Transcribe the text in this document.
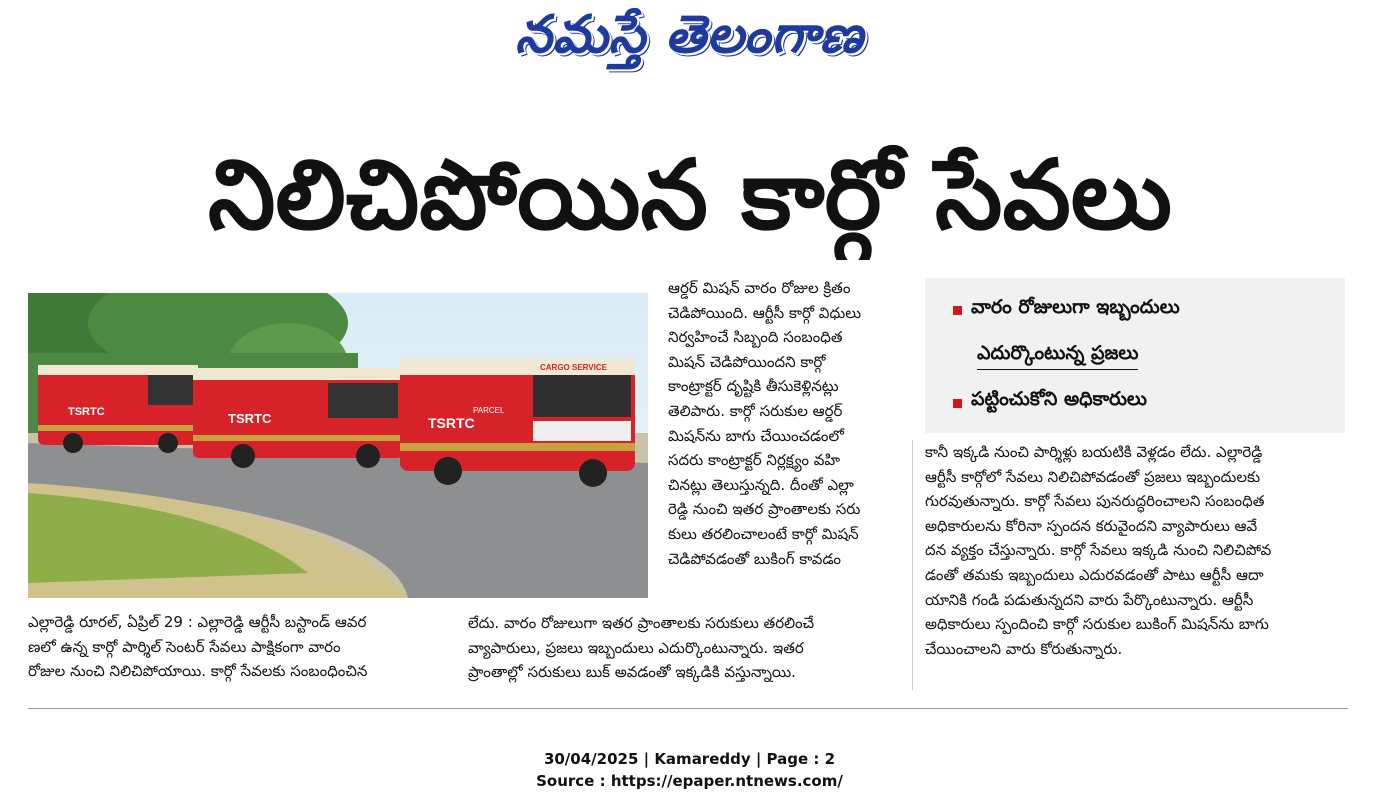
నమస్తే తెలంగాణ
నిలిచిపోయిన కార్గో సేవలు
TSRTC	TSRTC
CARGO SERVICE
TSRTC
PARCEL
వారం రోజులుగా ఇబ్బందులు
ఎదుర్కొంటున్న ప్రజలు
పట్టించుకోని అధికారులు
ఎల్లారెడ్డి రూరల్, ఏప్రిల్ 29 : ఎల్లారెడ్డి ఆర్టీసీ బస్టాండ్ ఆవర
ణలో ఉన్న కార్గో పార్శిల్ సెంటర్ సేవలు పాక్షికంగా వారం
రోజుల నుంచి నిలిచిపోయాయి. కార్గో సేవలకు సంబంధించిన
ఆర్డర్ మిషన్ వారం రోజుల క్రితం
చెడిపోయింది. ఆర్టీసీ కార్గో విధులు
నిర్వహించే సిబ్బంది సంబంధిత
మిషన్ చెడిపోయిందని కార్గో
కాంట్రాక్టర్ దృష్టికి తీసుకెళ్లినట్లు
తెలిపారు. కార్గో సరుకుల ఆర్డర్
మిషన్‌ను బాగు చేయించడంలో
సదరు కాంట్రాక్టర్ నిర్లక్ష్యం వహి
చినట్లు తెలుస్తున్నది. దీంతో ఎల్లా
రెడ్డి నుంచి ఇతర ప్రాంతాలకు సరు
కులు తరలించాలంటే కార్గో మిషన్
చెడిపోవడంతో బుకింగ్ కావడం
లేదు. వారం రోజులుగా ఇతర ప్రాంతాలకు సరుకులు తరలించే
వ్యాపారులు, ప్రజలు ఇబ్బందులు ఎదుర్కొంటున్నారు. ఇతర
ప్రాంతాల్లో సరుకులు బుక్ అవడంతో ఇక్కడికి వస్తున్నాయి.
కానీ ఇక్కడి నుంచి పార్శిళ్లు బయటికి వెళ్లడం లేదు. ఎల్లారెడ్డి
ఆర్టీసీ కార్గోలో సేవలు నిలిచిపోవడంతో ప్రజలు ఇబ్బందులకు
గురవుతున్నారు. కార్గో సేవలు పునరుద్ధరించాలని సంబంధిత
అధికారులను కోరినా స్పందన కరువైందని వ్యాపారులు ఆవే
దన వ్యక్తం చేస్తున్నారు. కార్గో సేవలు ఇక్కడి నుంచి నిలిచిపోవ
డంతో తమకు ఇబ్బందులు ఎదురవడంతో పాటు ఆర్టీసీ ఆదా
యానికి గండి పడుతున్నదని వారు పేర్కొంటున్నారు. ఆర్టీసీ
అధికారులు స్పందించి కార్గో సరుకుల బుకింగ్ మిషన్‌ను బాగు
చేయించాలని వారు కోరుతున్నారు.
30/04/2025 | Kamareddy | Page : 2
Source : https://epaper.ntnews.com/
